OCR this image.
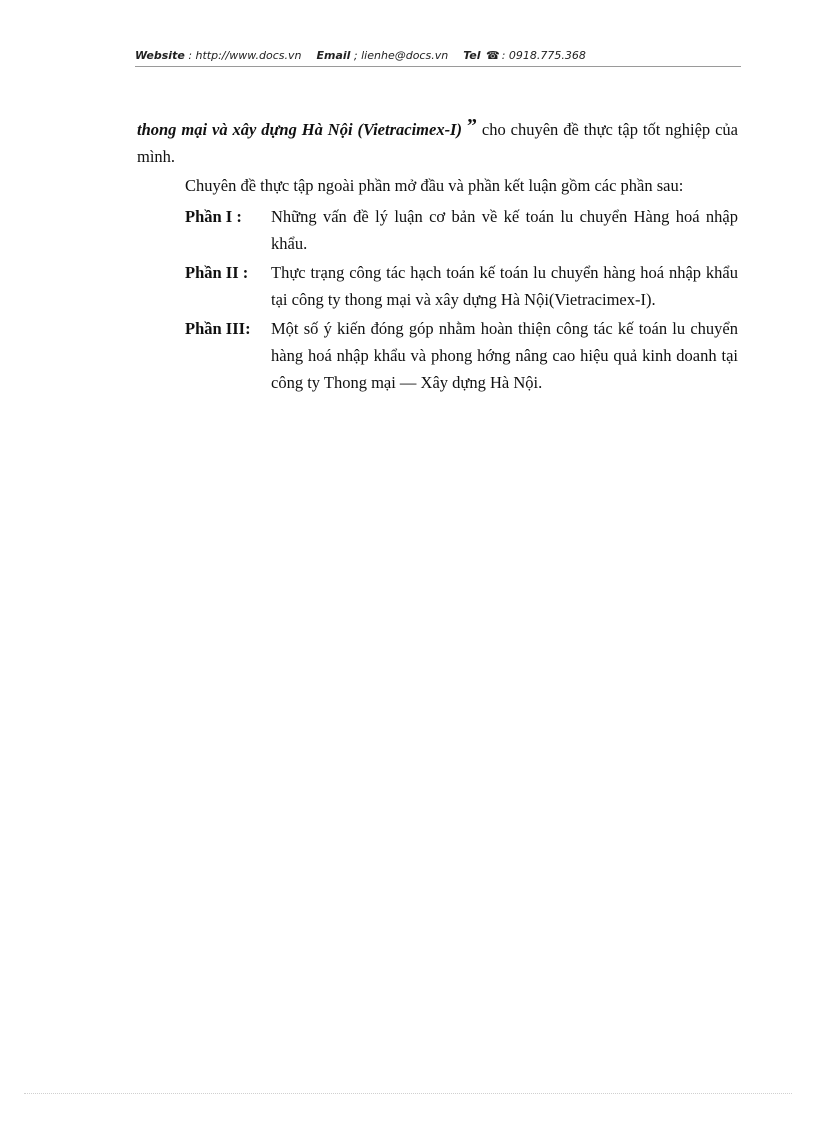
Website : http://www.docs.vn Email ; lienhe@docs.vn Tel ☎ : 0918.775.368

thong mại và xây dựng Hà Nội (Vietracimex-I) ” cho chuyên đề thực tập tốt nghiệp của mình.

Chuyên đề thực tập ngoài phần mở đầu và phần kết luận gồm các phần sau:

Phần I : Những vấn đề lý luận cơ bản về kế toán lu chuyển Hàng hoá nhập khẩu.
Phần II : Thực trạng công tác hạch toán kế toán lu chuyển hàng hoá nhập khẩu tại công ty thong mại và xây dựng Hà Nội(Vietracimex-I).
Phần III: Một số ý kiến đóng góp nhằm hoàn thiện công tác kế toán lu chuyển hàng hoá nhập khẩu và phong hớng nâng cao hiệu quả kinh doanh tại công ty Thong mại — Xây dựng Hà Nội.
